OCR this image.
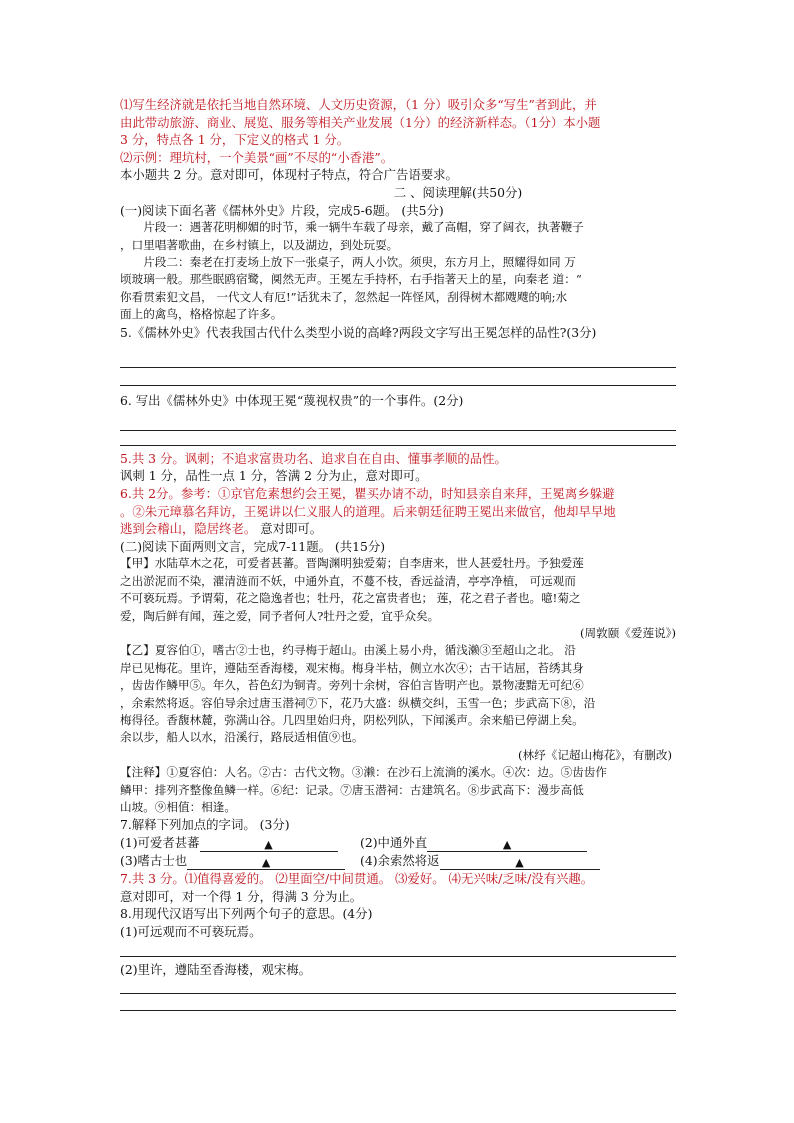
⑴写生经济就是依托当地自然环境、人文历史资源，（1 分）吸引众多“写生”者到此，并

由此带动旅游、商业、展览、服务等相关产业发展（1分）的经济新样态。（1分）本小题

3 分，特点各 1 分，下定义的格式 1 分。

⑵示例：理坑村，一个美景“画”不尽的“小香港”。

本小题共 2 分。意对即可，体现村子特点，符合广告语要求。

二 、阅读理解(共50分)

(一)阅读下面名著《儒林外史》片段，完成5-6题。 (共5分)

片段一：遇著花明柳媚的时节，乘一辆牛车载了母亲，戴了高帽，穿了阔衣，执著鞭子

，口里唱著歌曲，在乡村镇上，以及湖边，到处玩耍。

片段二：秦老在打麦场上放下一张桌子，两人小饮。须臾，东方月上，照耀得如同 万

顷玻璃一般。那些眠鸥宿鹭，阒然无声。王冕左手持杯，右手指著天上的星，向秦老 道：“

你看贯索犯文昌， 一代文人有厄!”话犹未了，忽然起一阵怪风，刮得树木都飕飕的响;水

面上的禽鸟，格格惊起了许多。

5.《儒林外史》代表我国古代什么类型小说的高峰?两段文字写出王冕怎样的品性?(3分)

6. 写出《儒林外史》中体现王冕“蔑视权贵”的一个事件。(2分)

5.共 3 分。讽刺；不追求富贵功名、追求自在自由、懂事孝顺的品性。

讽刺 1 分，品性一点 1 分，答满 2 分为止，意对即可。

6.共 2分。参考：①京官危素想约会王冕，瞿买办请不动，时知县亲自来拜，王冕离乡躲避

。②朱元璋慕名拜访，王冕讲以仁义服人的道理。后来朝廷征聘王冕出来做官，他却早早地

逃到会稽山，隐居终老。 意对即可。

(二)阅读下面两则文言，完成7-11题。 (共15分)

【甲】水陆草木之花，可爱者甚蕃。晋陶渊明独爱菊；自李唐来，世人甚爱牡丹。予独爱莲

之出淤泥而不染，濯清涟而不妖，中通外直，不蔓不枝，香远益清，亭亭净植， 可远观而

不可亵玩焉。予谓菊，花之隐逸者也；牡丹，花之富贵者也； 莲，花之君子者也。噫!菊之

爱，陶后鲜有闻，莲之爱，同予者何人?牡丹之爱，宜乎众矣。

(周敦颐《爱莲说》)

【乙】夏容伯①，嗜古②士也，约寻梅于超山。由溪上易小舟，循浅濑③至超山之北。 沿

岸已见梅花。里许，遵陆至香海楼，观宋梅。梅身半枯，侧立水次④；古干诘屈，苔绣其身

，齿齿作鳞甲⑤。年久，苔色幻为铜青。旁列十余树，容伯言皆明产也。景物凄黯无可纪⑥

，余索然将返。容伯导余过唐玉潜祠⑦下，花乃大盛：纵横交纠，玉雪一色；步武高下⑧，沿

梅得径。香馥林麓，弥满山谷。几四里始归舟，阴松列队，下闻溪声。余来船已停湖上矣。

余以步，船人以水，沿溪行，路辰适相值⑨也。

(林纾《记超山梅花》，有删改)

【注释】①夏容伯：人名。②古：古代文物。③濑：在沙石上流淌的溪水。④次：边。⑤齿齿作

鳞甲：排列齐整像鱼鳞一样。⑥纪：记录。⑦唐玉潜祠：古建筑名。⑧步武高下：漫步高低

山坡。⑨相值：相逢。

7.解释下列加点的字词。 (3分)

(1)可爱者甚蕃	▲	(2)中通外直	▲
(3)嗜古士也	▲	(4)余索然将返	▲

7.共 3 分。⑴值得喜爱的。 ⑵里面空/中间贯通。 ⑶爱好。 ⑷无兴味/乏味/没有兴趣。

意对即可，对一个得 1 分，得满 3 分为止。

8.用现代汉语写出下列两个句子的意思。(4分)

(1)可远观而不可亵玩焉。

(2)里许，遵陆至香海楼，观宋梅。
